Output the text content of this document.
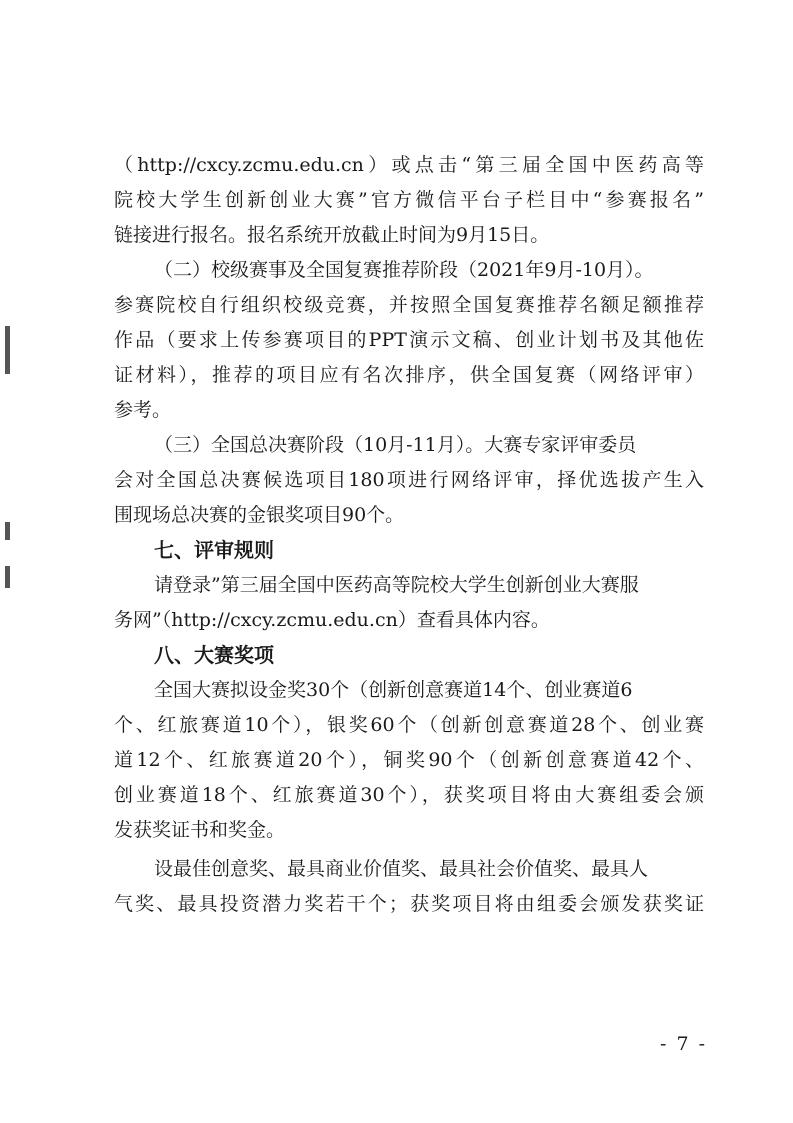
（http://cxcy.zcmu.edu.cn）或点击“第三届全国中医药高等
院校大学生创新创业大赛”官方微信平台子栏目中“参赛报名”
链接进行报名。报名系统开放截止时间为9月15日。
（二）校级赛事及全国复赛推荐阶段（2021年9月-10月）。
参赛院校自行组织校级竞赛，并按照全国复赛推荐名额足额推荐
作品（要求上传参赛项目的PPT演示文稿、创业计划书及其他佐
证材料），推荐的项目应有名次排序，供全国复赛（网络评审）
参考。
（三）全国总决赛阶段（10月-11月）。大赛专家评审委员
会对全国总决赛候选项目180项进行网络评审，择优选拔产生入
围现场总决赛的金银奖项目90个。
七、评审规则
请登录”第三届全国中医药高等院校大学生创新创业大赛服
务网”（http://cxcy.zcmu.edu.cn）查看具体内容。
八、大赛奖项
全国大赛拟设金奖30个（创新创意赛道14个、创业赛道6
个、红旅赛道10个），银奖60个（创新创意赛道28个、创业赛
道12个、红旅赛道20个），铜奖90个（创新创意赛道42个、
创业赛道18个、红旅赛道30个），获奖项目将由大赛组委会颁
发获奖证书和奖金。
设最佳创意奖、最具商业价值奖、最具社会价值奖、最具人
气奖、最具投资潜力奖若干个；获奖项目将由组委会颁发获奖证
- 7 -
